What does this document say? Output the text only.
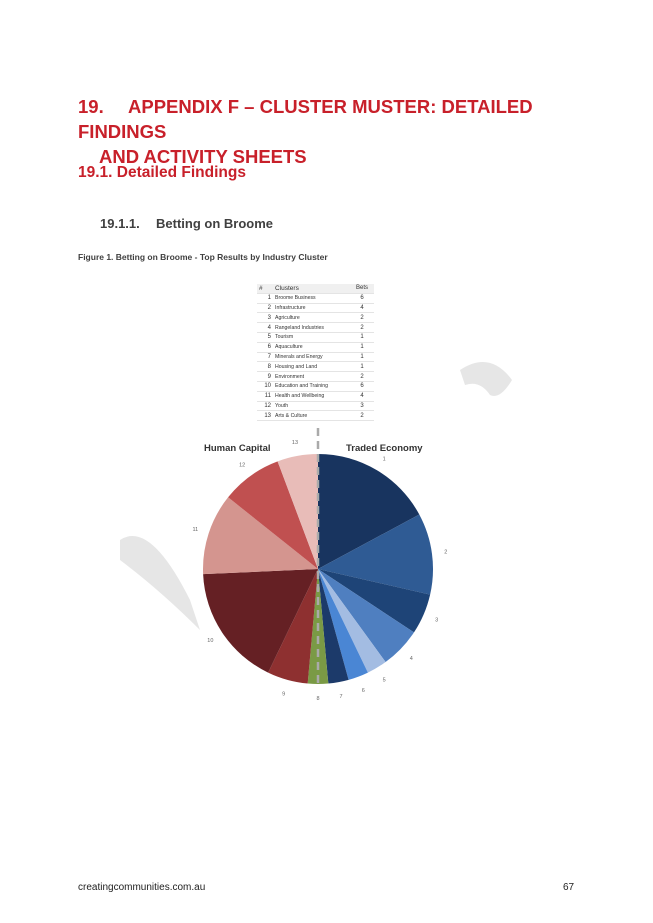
19. APPENDIX F – CLUSTER MUSTER: DETAILED FINDINGS
AND ACTIVITY SHEETS
19.1. Detailed Findings
19.1.1. Betting on Broome
Figure 1. Betting on Broome - Top Results by Industry Cluster
#	Clusters	Bets
1	Broome Business	6
2	Infrastructure	4
3	Agriculture	2
4	Rangeland Industries	2
5	Tourism	1
6	Aquaculture	1
7	Minerals and Energy	1
8	Housing and Land	1
9	Environment	2
10	Education and Training	6
11	Health and Wellbeing	4
12	Youth	3
13	Arts & Culture	2
1
2
3
4
5
6
7
8
9
10
11
12
13
Human Capital	Traded Economy
creatingcommunities.com.au	67
